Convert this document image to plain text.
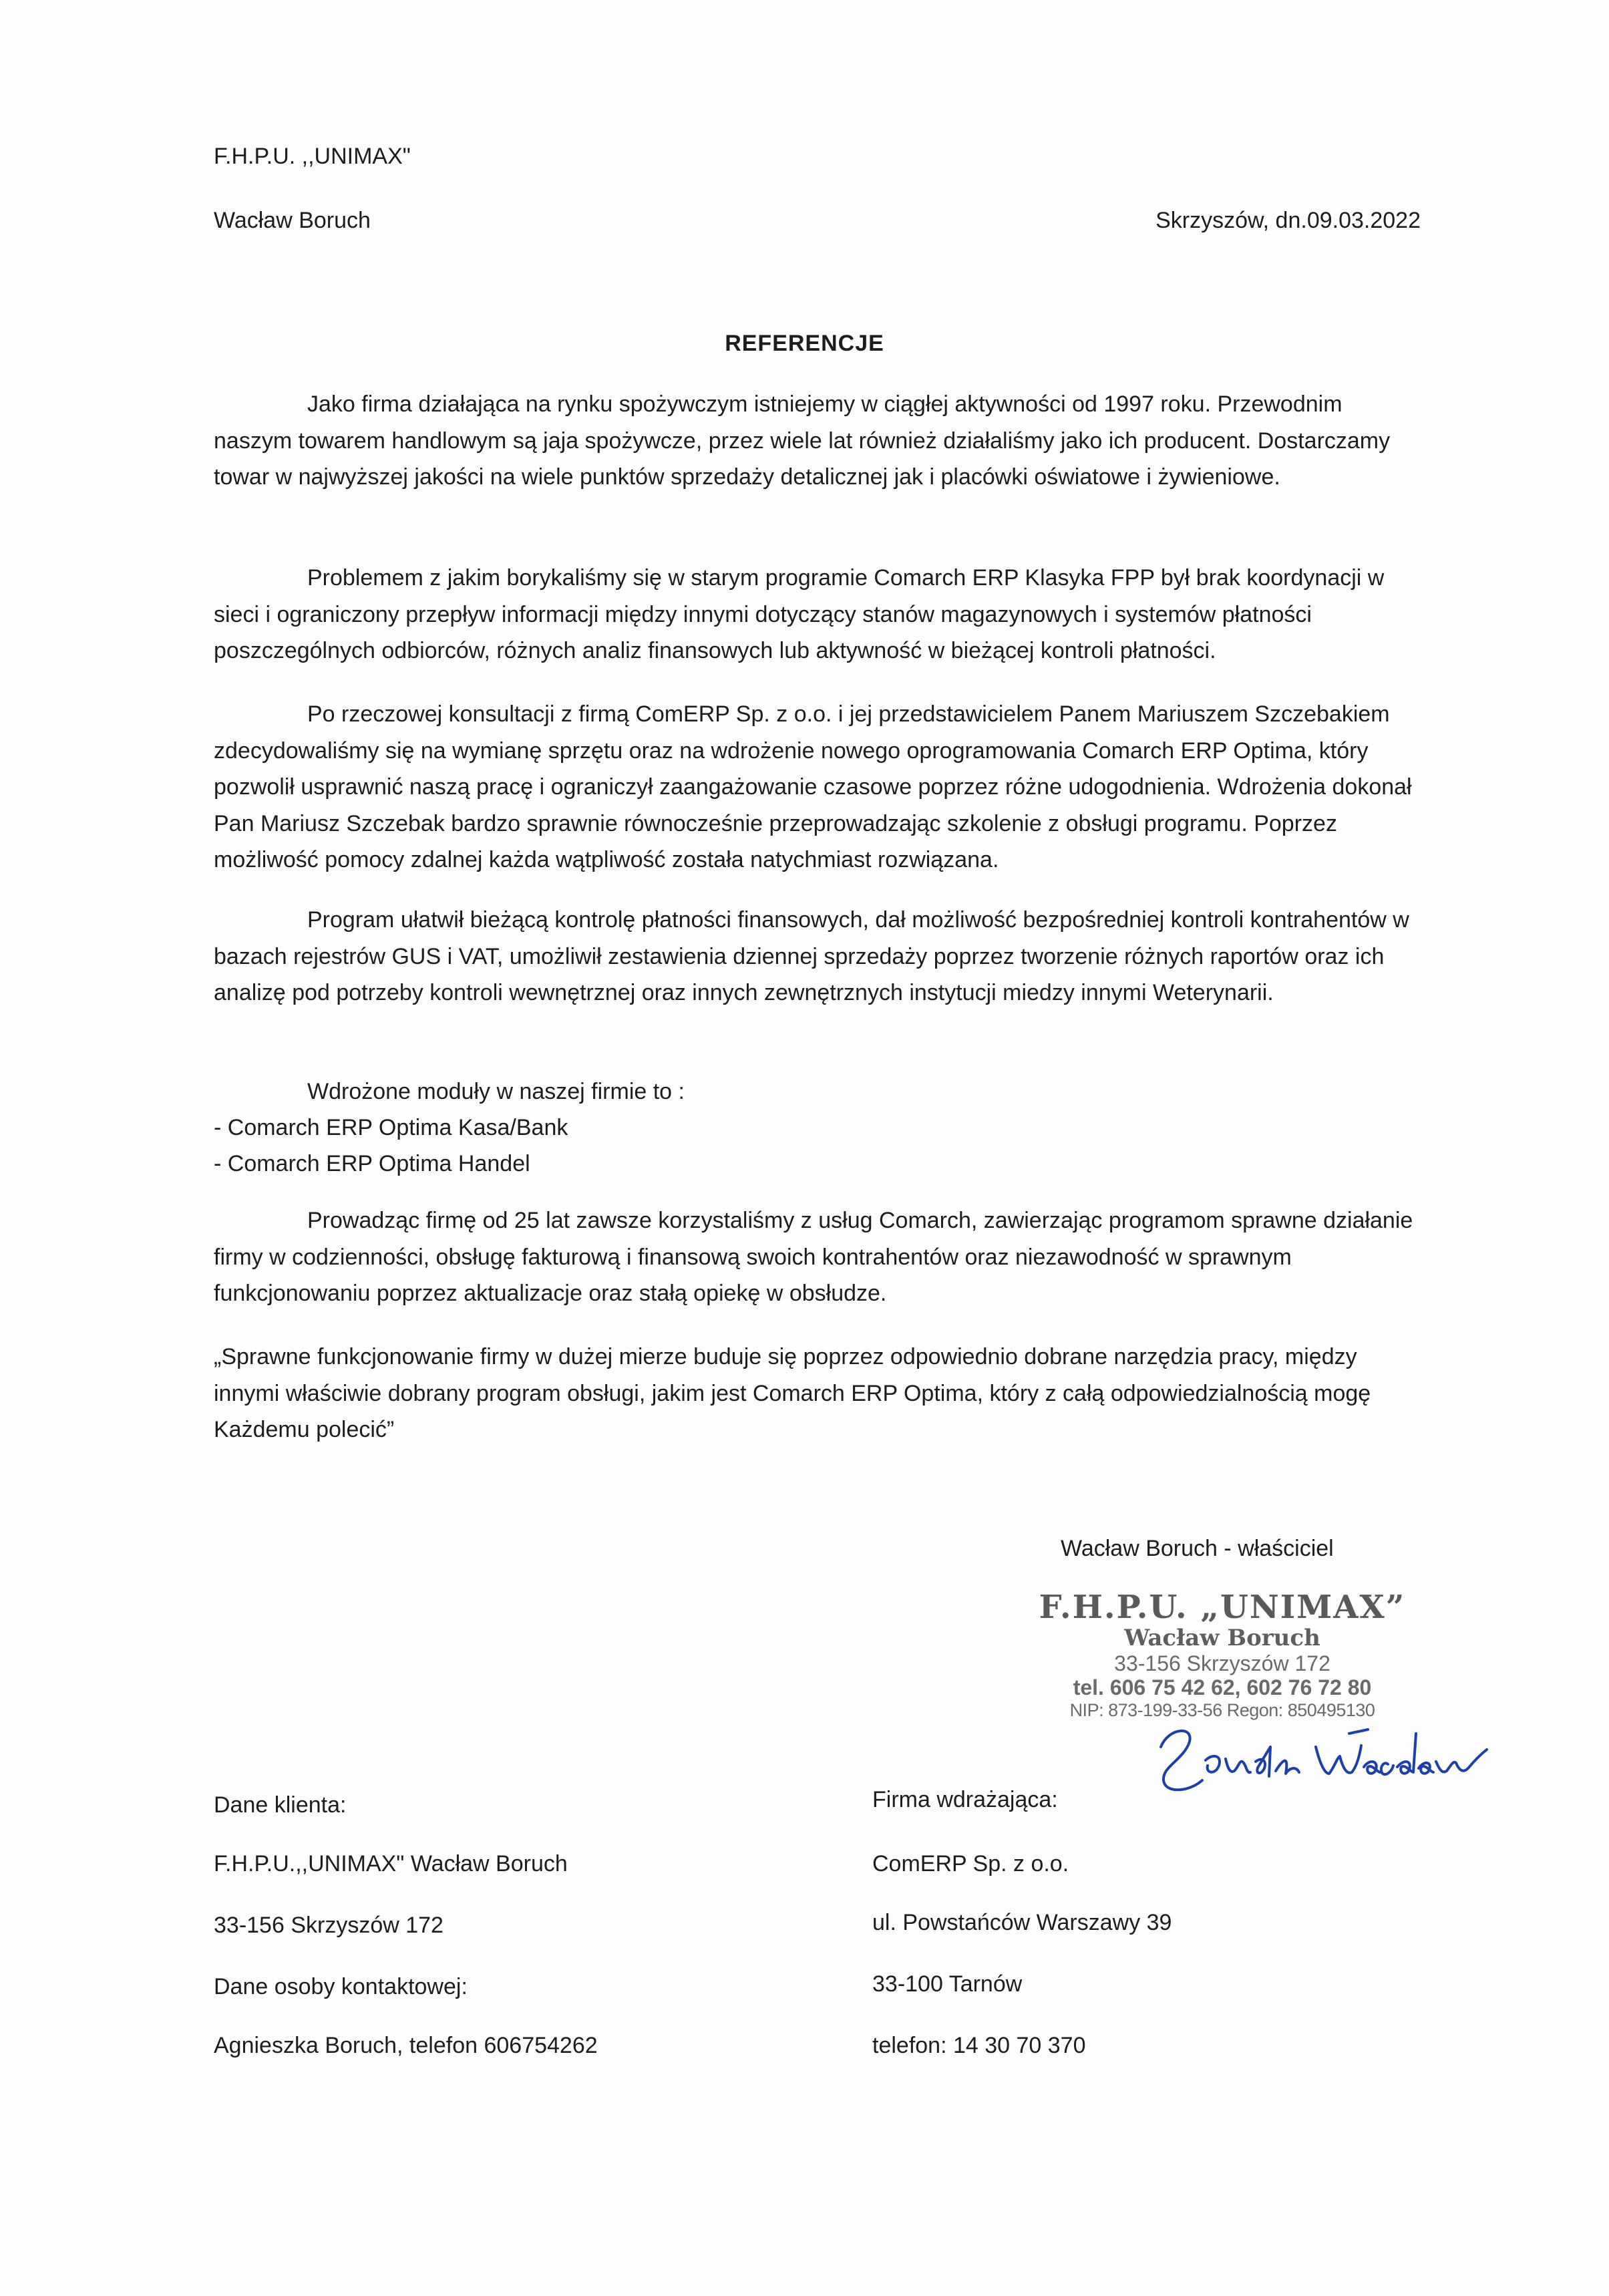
F.H.P.U. ,,UNIMAX"

Wacław Boruch	Skrzyszów, dn.09.03.2022

REFERENCJE

Jako firma działająca na rynku spożywczym istniejemy w ciągłej aktywności od 1997 roku. Przewodnim naszym towarem handlowym są jaja spożywcze, przez wiele lat również działaliśmy jako ich producent. Dostarczamy towar w najwyższej jakości na wiele punktów sprzedaży detalicznej jak i placówki oświatowe i żywieniowe.

Problemem z jakim borykaliśmy się w starym programie Comarch ERP Klasyka FPP był brak koordynacji w sieci i ograniczony przepływ informacji między innymi dotyczący stanów magazynowych i systemów płatności poszczególnych odbiorców, różnych analiz finansowych lub aktywność w bieżącej kontroli płatności.

Po rzeczowej konsultacji z firmą ComERP Sp. z o.o. i jej przedstawicielem Panem Mariuszem Szczebakiem zdecydowaliśmy się na wymianę sprzętu oraz na wdrożenie nowego oprogramowania Comarch ERP Optima, który pozwolił usprawnić naszą pracę i ograniczył zaangażowanie czasowe poprzez różne udogodnienia. Wdrożenia dokonał Pan Mariusz Szczebak bardzo sprawnie równocześnie przeprowadzając szkolenie z obsługi programu. Poprzez możliwość pomocy zdalnej każda wątpliwość została natychmiast rozwiązana.

Program ułatwił bieżącą kontrolę płatności finansowych, dał możliwość bezpośredniej kontroli kontrahentów w bazach rejestrów GUS i VAT, umożliwił zestawienia dziennej sprzedaży poprzez tworzenie różnych raportów oraz ich analizę pod potrzeby kontroli wewnętrznej oraz innych zewnętrznych instytucji miedzy innymi Weterynarii.

Wdrożone moduły w naszej firmie to :

- Comarch ERP Optima Kasa/Bank

- Comarch ERP Optima Handel

Prowadząc firmę od 25 lat zawsze korzystaliśmy z usług Comarch, zawierzając programom sprawne działanie firmy w codzienności, obsługę fakturową i finansową swoich kontrahentów oraz niezawodność w sprawnym funkcjonowaniu poprzez aktualizacje oraz stałą opiekę w obsłudze.

„Sprawne funkcjonowanie firmy w dużej mierze buduje się poprzez odpowiednio dobrane narzędzia pracy, między innymi właściwie dobrany program obsługi, jakim jest Comarch ERP Optima, który z całą odpowiedzialnością mogę Każdemu polecić”

Wacław Boruch - właściciel

F.H.P.U. „UNIMAX”
Wacław Boruch
33-156 Skrzyszów 172
tel. 606 75 42 62, 602 76 72 80
NIP: 873-199-33-56 Regon: 850495130

Dane klienta:

F.H.P.U.,,UNIMAX" Wacław Boruch

33-156 Skrzyszów 172

Dane osoby kontaktowej:

Agnieszka Boruch, telefon 606754262

Firma wdrażająca:

ComERP Sp. z o.o.

ul. Powstańców Warszawy 39

33-100 Tarnów

telefon: 14 30 70 370
